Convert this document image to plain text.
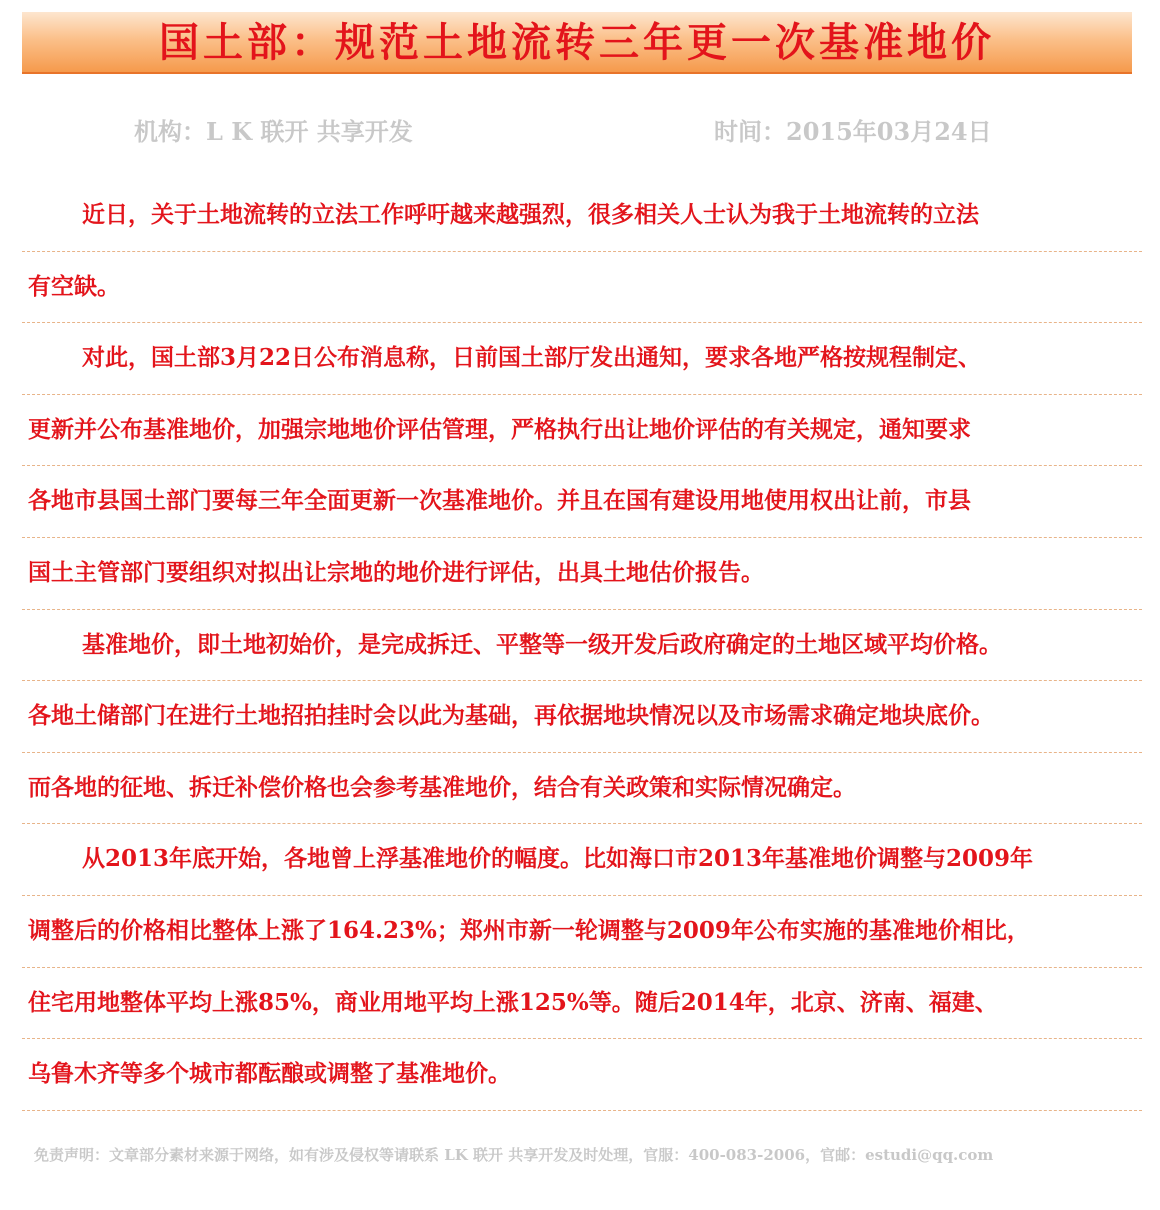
国土部：规范土地流转三年更一次基准地价
机构：L K 联开 共享开发	时间：2015年03月24日
近日，关于土地流转的立法工作呼吁越来越强烈，很多相关人士认为我于土地流转的立法
有空缺。
对此，国土部3月22日公布消息称，日前国土部厅发出通知，要求各地严格按规程制定、
更新并公布基准地价，加强宗地地价评估管理，严格执行出让地价评估的有关规定，通知要求
各地市县国土部门要每三年全面更新一次基准地价。并且在国有建设用地使用权出让前，市县
国土主管部门要组织对拟出让宗地的地价进行评估，出具土地估价报告。
基准地价，即土地初始价，是完成拆迁、平整等一级开发后政府确定的土地区域平均价格。
各地土储部门在进行土地招拍挂时会以此为基础，再依据地块情况以及市场需求确定地块底价。
而各地的征地、拆迁补偿价格也会参考基准地价，结合有关政策和实际情况确定。
从2013年底开始，各地曾上浮基准地价的幅度。比如海口市2013年基准地价调整与2009年
调整后的价格相比整体上涨了164.23%；郑州市新一轮调整与2009年公布实施的基准地价相比，
住宅用地整体平均上涨85%，商业用地平均上涨125%等。随后2014年，北京、济南、福建、
乌鲁木齐等多个城市都酝酿或调整了基准地价。
免责声明：文章部分素材来源于网络，如有涉及侵权等请联系 LK 联开 共享开发及时处理，官服：400-083-2006，官邮：estudi@qq.com
